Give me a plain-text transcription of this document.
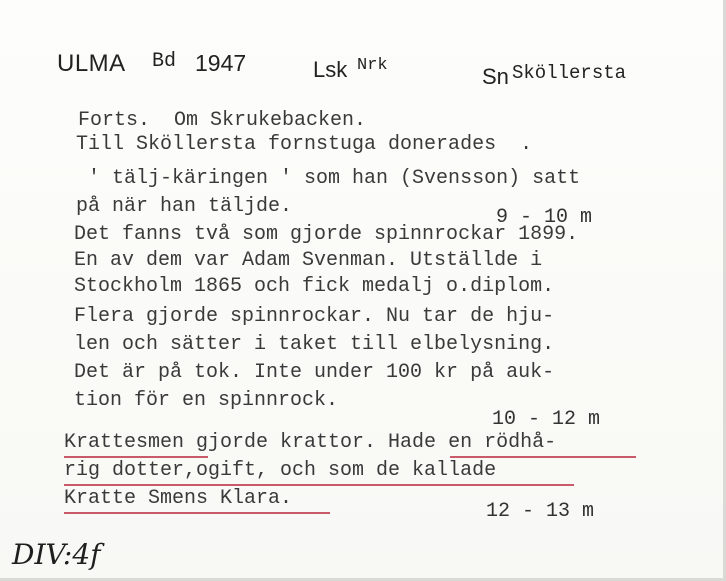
ULMA Bd 1947	Lsk Nrk	Sn Sköllersta
Forts.  Om Skrukebacken.
Till Sköllersta fornstuga donerades  .
' tälj-käringen ' som han (Svensson) satt
på när han täljde.	9 - 10 m
Det fanns två som gjorde spinnrockar 1899.
En av dem var Adam Svenman. Utställde i
Stockholm 1865 och fick medalj o.diplom.
Flera gjorde spinnrockar. Nu tar de hju-
len och sätter i taket till elbelysning.
Det är på tok. Inte under 100 kr på auk-
tion för en spinnrock.
10 - 12 m
Krattesmen gjorde krattor. Hade en rödhå-
rig dotter,ogift, och som de kallade
Kratte Smens Klara.
12 - 13 m
DIV:4f
